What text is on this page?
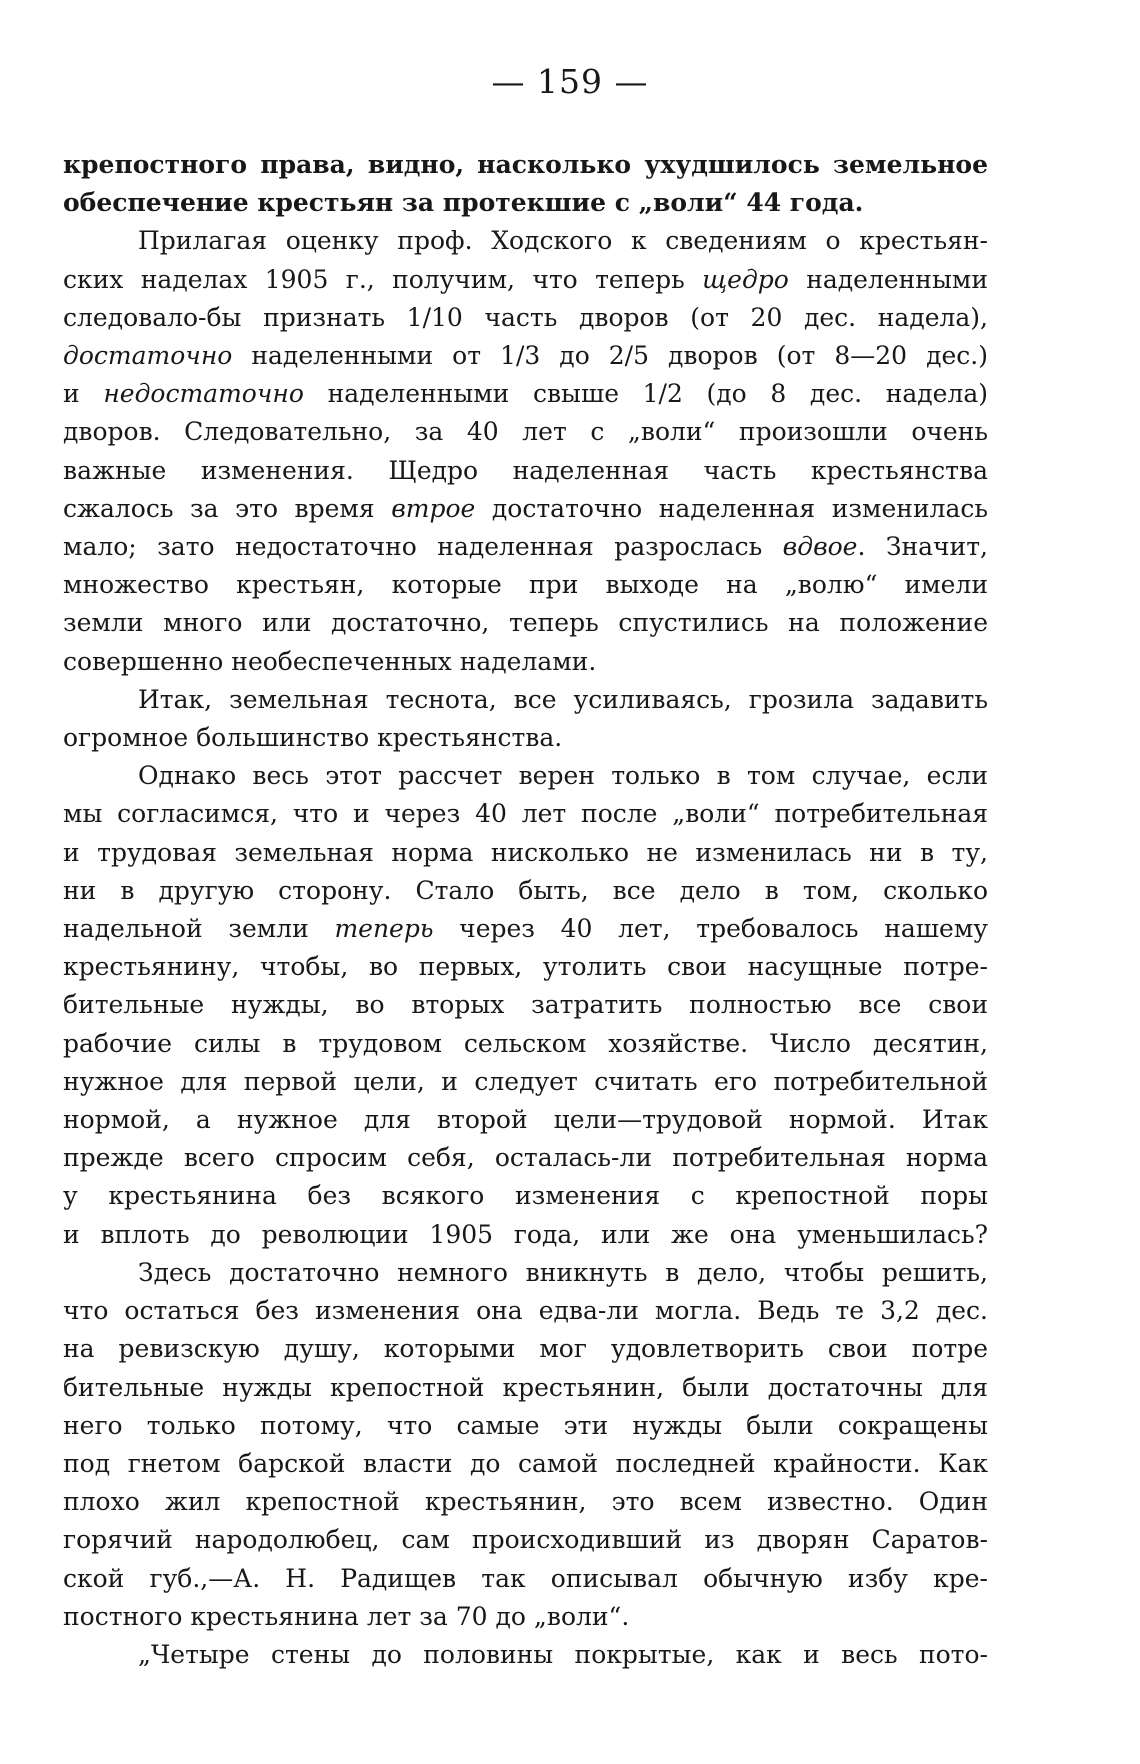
— 159 —
крепостного права, видно, насколько ухудшилось земельное
обеспечение крестьян за протекшие с „воли“ 44 года.
Прилагая оценку проф. Ходского к сведениям о крестьян-
ских наделах 1905 г., получим, что теперь щедро наделенными
следовало-бы признать 1/10 часть дворов (от 20 дес. надела),
достаточно наделенными от 1/3 до 2/5 дворов (от 8—20 дес.)
и недостаточно наделенными свыше 1/2 (до 8 дес. надела)
дворов. Следовательно, за 40 лет с „воли“ произошли очень
важные изменения. Щедро наделенная часть крестьянства
сжалось за это время втрое достаточно наделенная изменилась
мало; зато недостаточно наделенная разрослась вдвое. Значит,
множество крестьян, которые при выходе на „волю“ имели
земли много или достаточно, теперь спустились на положение
совершенно необеспеченных наделами.
Итак, земельная теснота, все усиливаясь, грозила задавить
огромное большинство крестьянства.
Однако весь этот рассчет верен только в том случае, если
мы согласимся, что и через 40 лет после „воли“ потребительная
и трудовая земельная норма нисколько не изменилась ни в ту,
ни в другую сторону. Стало быть, все дело в том, сколько
надельной земли теперь через 40 лет, требовалось нашему
крестьянину, чтобы, во первых, утолить свои насущные потре-
бительные нужды, во вторых затратить полностью все свои
рабочие силы в трудовом сельском хозяйстве. Число десятин,
нужное для первой цели, и следует считать его потребительной
нормой, а нужное для второй цели—трудовой нормой. Итак
прежде всего спросим себя, осталась-ли потребительная норма
у крестьянина без всякого изменения с крепостной поры
и вплоть до революции 1905 года, или же она уменьшилась?
Здесь достаточно немного вникнуть в дело, чтобы решить,
что остаться без изменения она едва-ли могла. Ведь те 3,2 дес.
на ревизскую душу, которыми мог удовлетворить свои потре
бительные нужды крепостной крестьянин, были достаточны для
него только потому, что самые эти нужды были сокращены
под гнетом барской власти до самой последней крайности. Как
плохо жил крепостной крестьянин, это всем известно. Один
горячий народолюбец, сам происходивший из дворян Саратов-
ской губ.,—А. Н. Радищев так описывал обычную избу кре-
постного крестьянина лет за 70 до „воли“.
„Четыре стены до половины покрытые, как и весь пото-
